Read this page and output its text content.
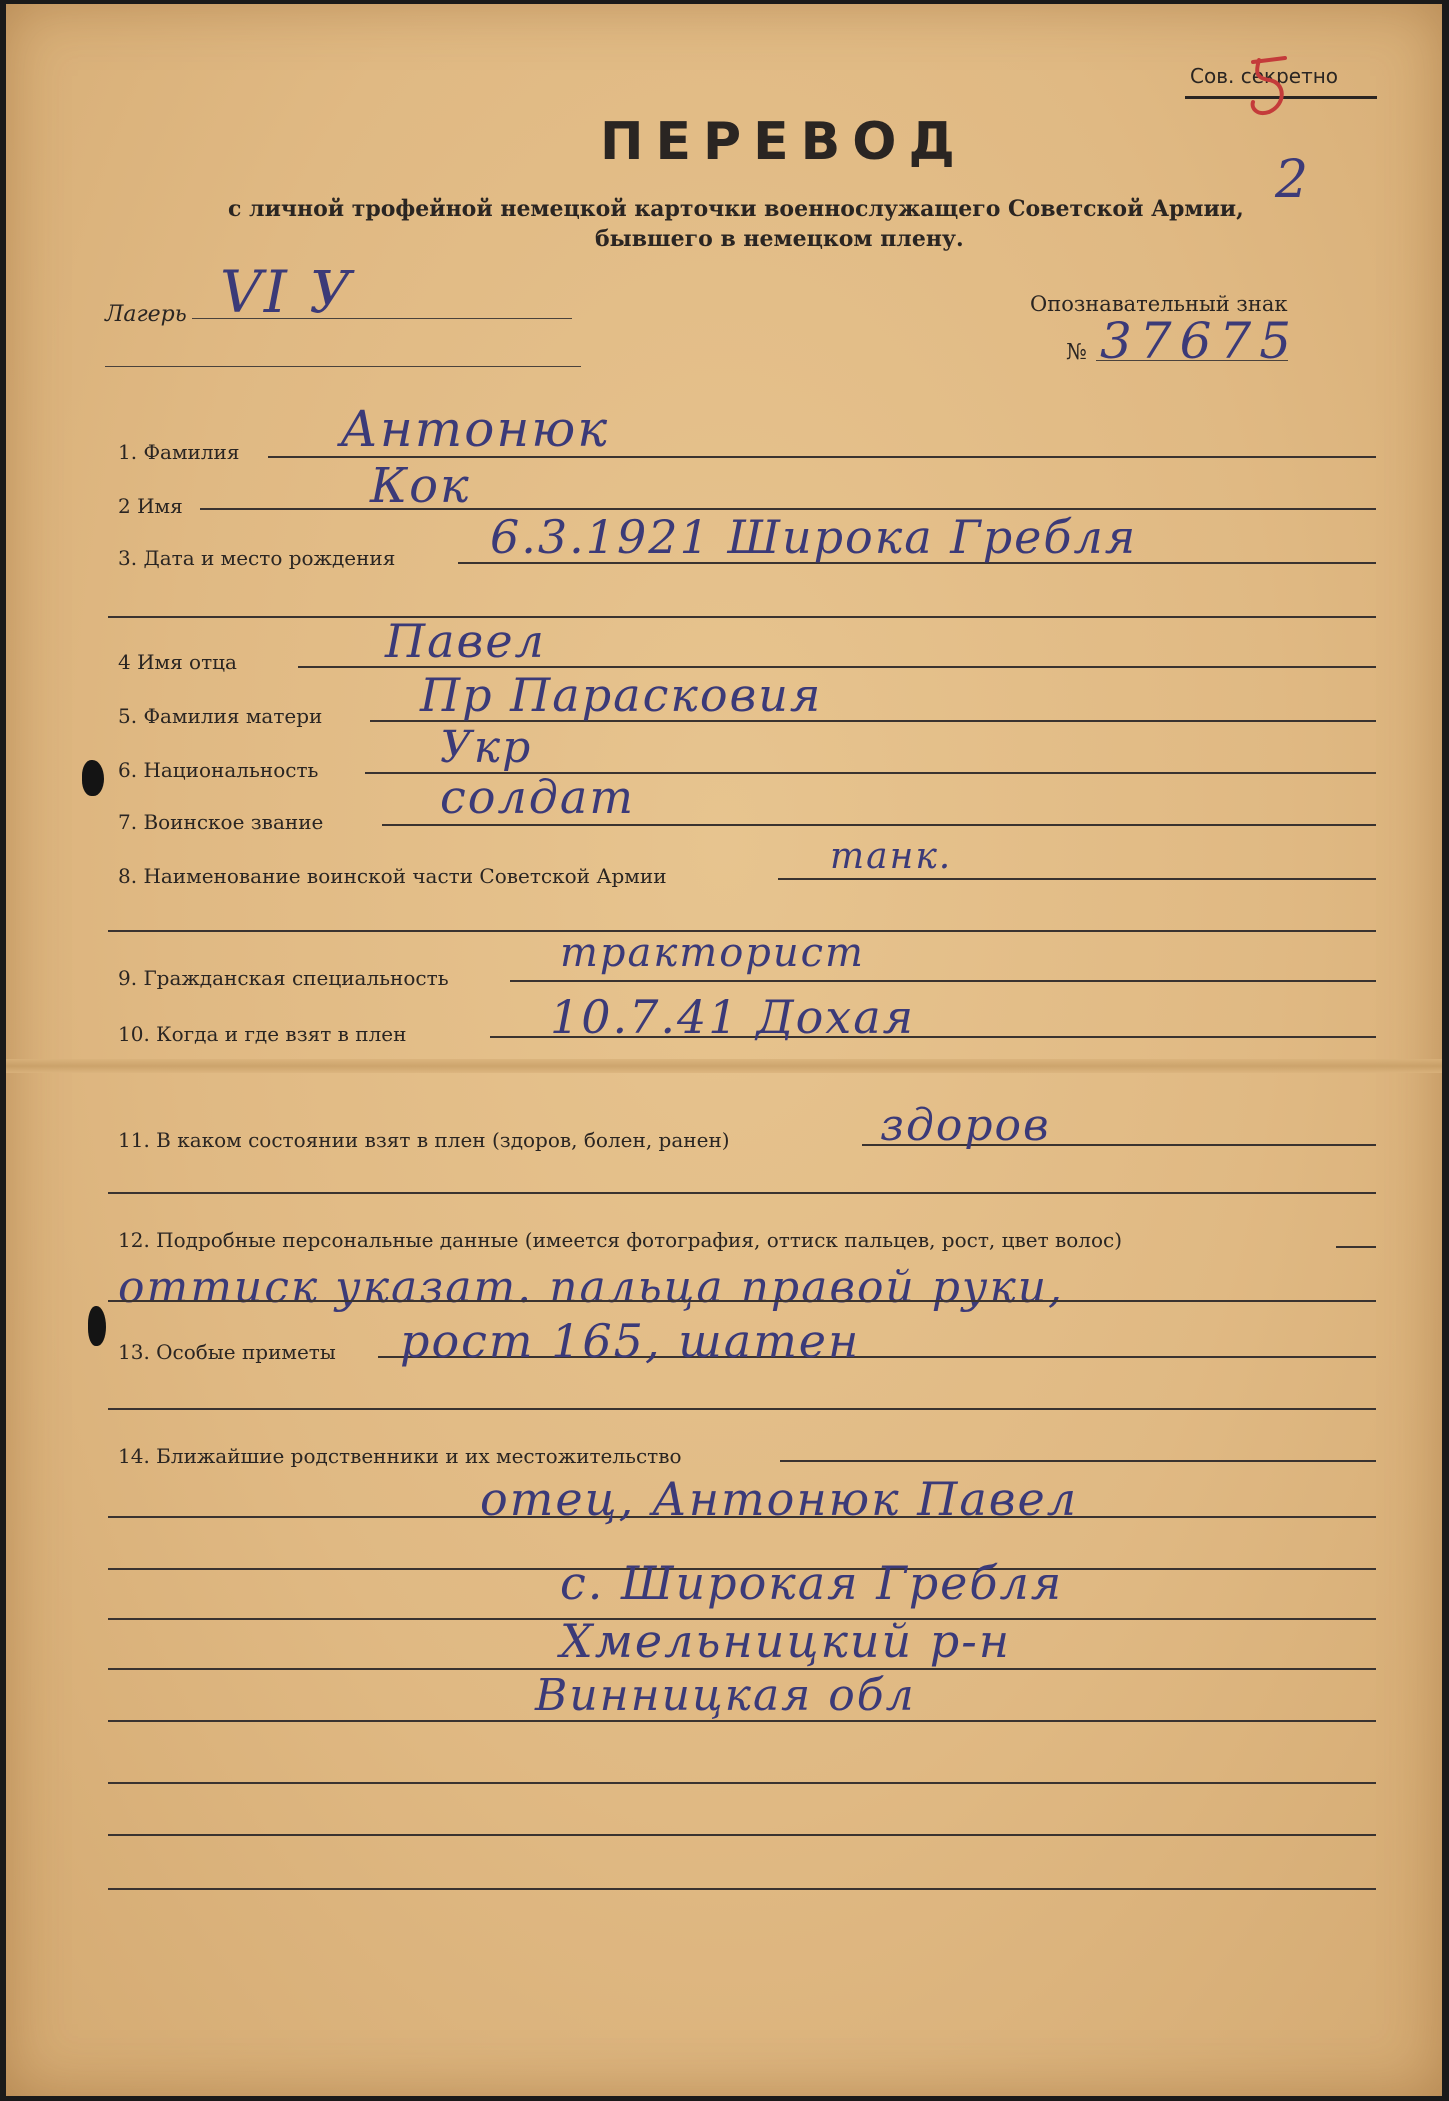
Сов. секретно
2
ПЕРЕВОД
с личной трофейной немецкой карточки военнослужащего Советской Армии,
бывшего в немецком плену.
Лагерь VI У	Опознавательный знак
№ 37675
1. Фамилия Антонюк
2 Имя	Кок
3. Дата и место рождения 6.3.1921 Широка Гребля
4 Имя отца	Павел
5. Фамилия матери Пр Парасковия
6. Национальность	Укр
7. Воинское звание	солдат
8. Наименование воинской части Советской Армии	танк.
9. Гражданская специальность
тракторист
10. Когда и где взят в плен	10.7.41 Дохая
11. В каком состоянии взят в плен (здоров, болен, ранен)	здоров
12. Подробные персональные данные (имеется фотография, оттиск пальцев, рост, цвет волос)
оттиск указат. пальца правой руки,
13. Особые приметы рост 165, шатен
14. Ближайшие родственники и их местожительство
отец, Антонюк Павел
с. Широкая Гребля
Хмельницкий р-н
Винницкая обл
